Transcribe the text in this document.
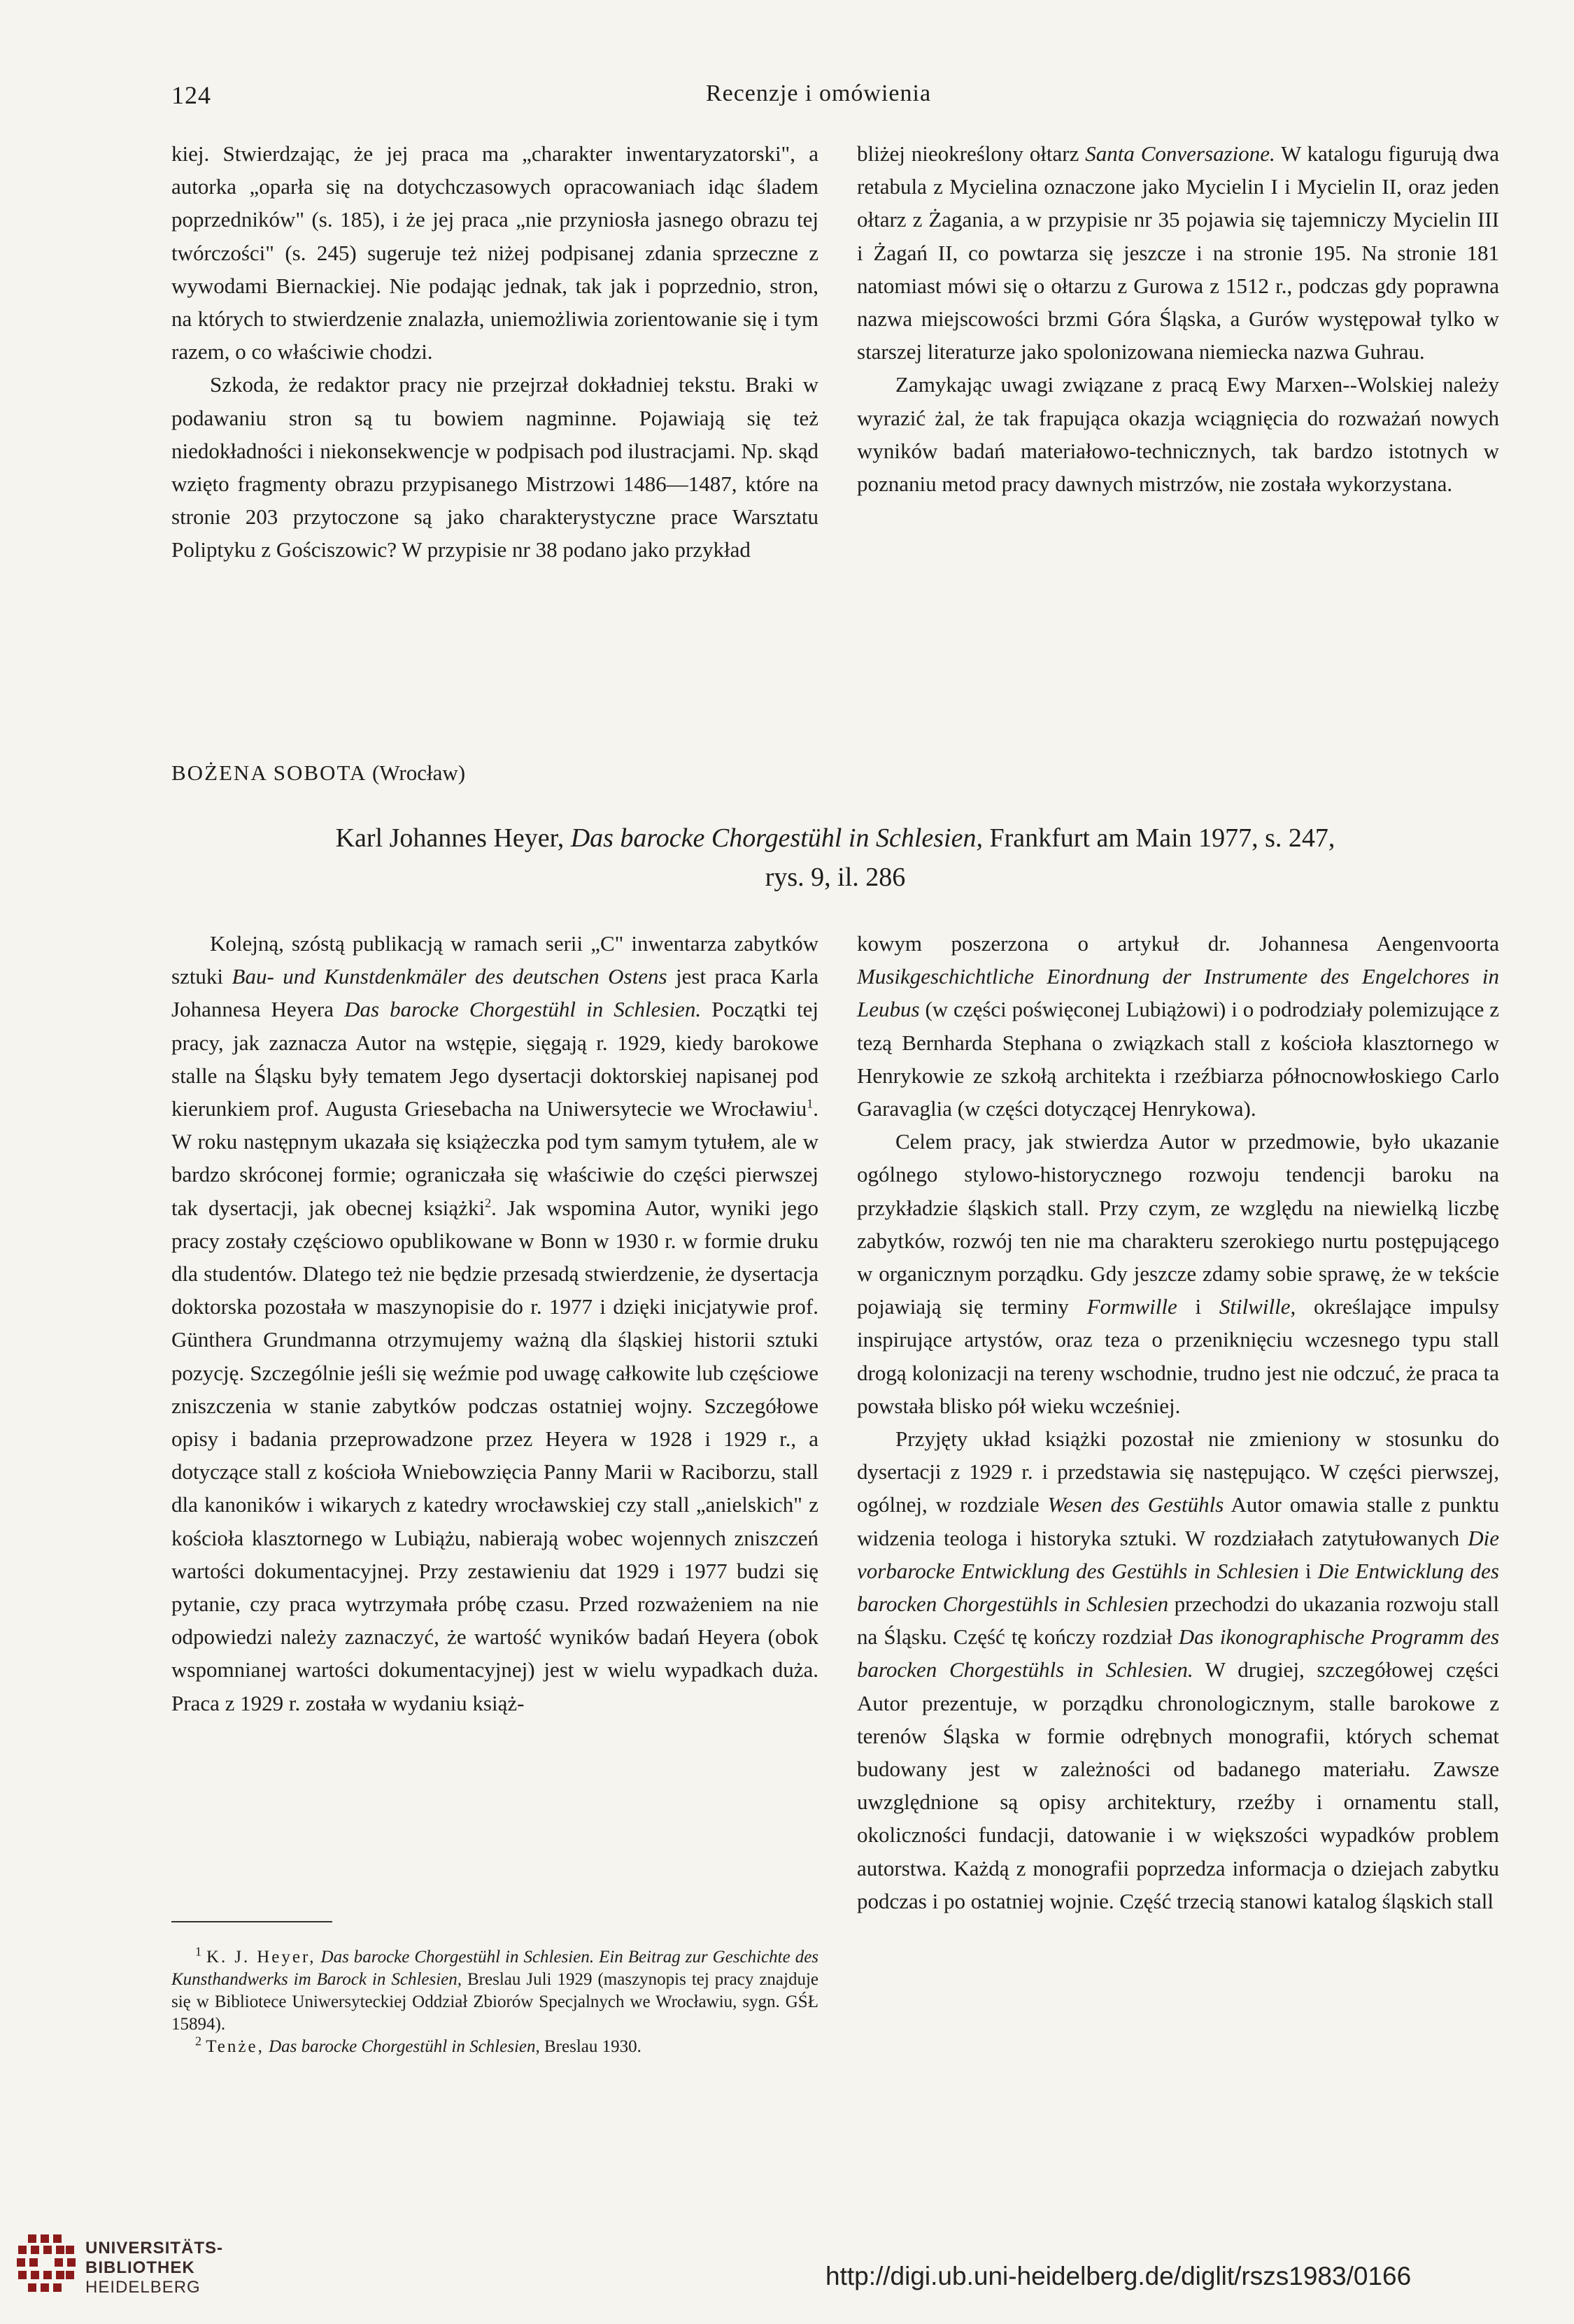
124	Recenzje i omówienia

kiej. Stwierdzając, że jej praca ma „charakter inwentaryzatorski", a autorka „oparła się na dotychczasowych opracowaniach idąc śladem poprzedników" (s. 185), i że jej praca „nie przyniosła jasnego obrazu tej twórczości" (s. 245) sugeruje też niżej podpisanej zdania sprzeczne z wywodami Biernackiej. Nie podając jednak, tak jak i poprzednio, stron, na których to stwierdzenie znalazła, uniemożliwia zorientowanie się i tym razem, o co właściwie chodzi.

Szkoda, że redaktor pracy nie przejrzał dokładniej tekstu. Braki w podawaniu stron są tu bowiem nagminne. Pojawiają się też niedokładności i niekonsekwencje w podpisach pod ilustracjami. Np. skąd wzięto fragmenty obrazu przypisanego Mistrzowi 1486—1487, które na stronie 203 przytoczone są jako charakterystyczne prace Warsztatu Poliptyku z Gościszowic? W przypisie nr 38 podano jako przykład

bliżej nieokreślony ołtarz Santa Conversazione. W katalogu figurują dwa retabula z Mycielina oznaczone jako Mycielin I i Mycielin II, oraz jeden ołtarz z Żagania, a w przypisie nr 35 pojawia się tajemniczy Mycielin III i Żagań II, co powtarza się jeszcze i na stronie 195. Na stronie 181 natomiast mówi się o ołtarzu z Gurowa z 1512 r., podczas gdy poprawna nazwa miejscowości brzmi Góra Śląska, a Gurów występował tylko w starszej literaturze jako spolonizowana niemiecka nazwa Guhrau.

Zamykając uwagi związane z pracą Ewy Marxen--Wolskiej należy wyrazić żal, że tak frapująca okazja wciągnięcia do rozważań nowych wyników badań materiałowo-technicznych, tak bardzo istotnych w poznaniu metod pracy dawnych mistrzów, nie została wykorzystana.

BOŻENA SOBOTA (Wrocław)
Karl Johannes Heyer, Das barocke Chorgestühl in Schlesien, Frankfurt am Main 1977, s. 247,
rys. 9, il. 286

Kolejną, szóstą publikacją w ramach serii „C" inwentarza zabytków sztuki Bau- und Kunstdenkmäler des deutschen Ostens jest praca Karla Johannesa Heyera Das barocke Chorgestühl in Schlesien. Początki tej pracy, jak zaznacza Autor na wstępie, sięgają r. 1929, kiedy barokowe stalle na Śląsku były tematem Jego dysertacji doktorskiej napisanej pod kierunkiem prof. Augusta Griesebacha na Uniwersytecie we Wrocławiu$^1$. W roku następnym ukazała się książeczka pod tym samym tytułem, ale w bardzo skróconej formie; ograniczała się właściwie do części pierwszej tak dysertacji, jak obecnej książki$^2$. Jak wspomina Autor, wyniki jego pracy zostały częściowo opublikowane w Bonn w 1930 r. w formie druku dla studentów. Dlatego też nie będzie przesadą stwierdzenie, że dysertacja doktorska pozostała w maszynopisie do r. 1977 i dzięki inicjatywie prof. Günthera Grundmanna otrzymujemy ważną dla śląskiej historii sztuki pozycję. Szczególnie jeśli się weźmie pod uwagę całkowite lub częściowe zniszczenia w stanie zabytków podczas ostatniej wojny. Szczegółowe opisy i badania przeprowadzone przez Heyera w 1928 i 1929 r., a dotyczące stall z kościoła Wniebowzięcia Panny Marii w Raciborzu, stall dla kanoników i wikarych z katedry wrocławskiej czy stall „anielskich" z kościoła klasztornego w Lubiążu, nabierają wobec wojennych zniszczeń wartości dokumentacyjnej. Przy zestawieniu dat 1929 i 1977 budzi się pytanie, czy praca wytrzymała próbę czasu. Przed rozważeniem na nie odpowiedzi należy zaznaczyć, że wartość wyników badań Heyera (obok wspomnianej wartości dokumentacyjnej) jest w wielu wypadkach duża. Praca z 1929 r. została w wydaniu książ-

kowym poszerzona o artykuł dr. Johannesa Aengenvoorta Musikgeschichtliche Einordnung der Instrumente des Engelchores in Leubus (w części poświęconej Lubiążowi) i o podrodziały polemizujące z tezą Bernharda Stephana o związkach stall z kościoła klasztornego w Henrykowie ze szkołą architekta i rzeźbiarza północnowłoskiego Carlo Garavaglia (w części dotyczącej Henrykowa).

Celem pracy, jak stwierdza Autor w przedmowie, było ukazanie ogólnego stylowo-historycznego rozwoju tendencji baroku na przykładzie śląskich stall. Przy czym, ze względu na niewielką liczbę zabytków, rozwój ten nie ma charakteru szerokiego nurtu postępującego w organicznym porządku. Gdy jeszcze zdamy sobie sprawę, że w tekście pojawiają się terminy Formwille i Stilwille, określające impulsy inspirujące artystów, oraz teza o przeniknięciu wczesnego typu stall drogą kolonizacji na tereny wschodnie, trudno jest nie odczuć, że praca ta powstała blisko pół wieku wcześniej.

Przyjęty układ książki pozostał nie zmieniony w stosunku do dysertacji z 1929 r. i przedstawia się następująco. W części pierwszej, ogólnej, w rozdziale Wesen des Gestühls Autor omawia stalle z punktu widzenia teologa i historyka sztuki. W rozdziałach zatytułowanych Die vorbarocke Entwicklung des Gestühls in Schlesien i Die Entwicklung des barocken Chorgestühls in Schlesien przechodzi do ukazania rozwoju stall na Śląsku. Część tę kończy rozdział Das ikonographische Programm des barocken Chorgestühls in Schlesien. W drugiej, szczegółowej części Autor prezentuje, w porządku chronologicznym, stalle barokowe z terenów Śląska w formie odrębnych monografii, których schemat budowany jest w zależności od badanego materiału. Zawsze uwzględnione są opisy architektury, rzeźby i ornamentu stall, okoliczności fundacji, datowanie i w większości wypadków problem autorstwa. Każdą z monografii poprzedza informacja o dziejach zabytku podczas i po ostatniej wojnie. Część trzecią stanowi katalog śląskich stall

$^1$ K. J. Heyer, Das barocke Chorgestühl in Schlesien. Ein Beitrag zur Geschichte des Kunsthandwerks im Barock in Schlesien, Breslau Juli 1929 (maszynopis tej pracy znajduje się w Bibliotece Uniwersyteckiej Oddział Zbiorów Specjalnych we Wrocławiu, sygn. GŚŁ 15894).

$^2$ Tenże, Das barocke Chorgestühl in Schlesien, Breslau 1930.

UNIVERSITÄTS-
BIBLIOTHEK
HEIDELBERG	http://digi.ub.uni-heidelberg.de/diglit/rszs1983/0166
